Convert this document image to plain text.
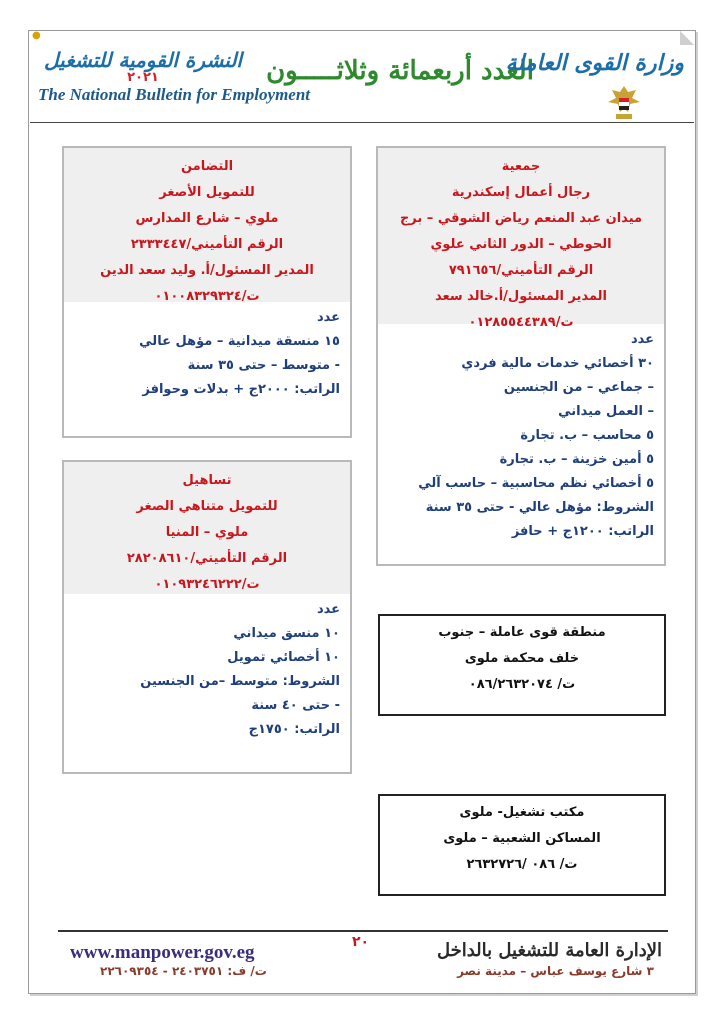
●
النشرة القومية للتشغيل
٢٠٢١
The National Bulletin for Employment
العدد أربعمائة وثلاثـــــون
وزارة القوى العاملة
جمعية
رجال أعمال إسكندرية
ميدان عبد المنعم رياض الشوقي – برج
الحوطي – الدور الثاني علوي
الرقم التأميني/٧٩١٦٥٦
المدير المسئول/أ.خالد سعد
ت/٠١٢٨٥٥٤٤٣٨٩
عدد
٣٠ أخصائي خدمات مالية فردي
– جماعي – من الجنسين
– العمل ميداني
٥ محاسب – ب. تجارة
٥ أمين خزينة – ب. تجارة
٥ أخصائي نظم محاسبية – حاسب آلي
الشروط: مؤهل عالي - حتى ٣٥ سنة
الراتب: ١٢٠٠ج + حافز
التضامن
للتمويل الأصغر
ملوي – شارع المدارس
الرقم التأميني/٢٣٣٣٤٤٧
المدير المسئول/أ. وليد سعد الدين
ت/٠١٠٠٨٣٢٩٣٢٤
عدد
١٥ منسقة ميدانية – مؤهل عالي
- متوسط – حتى ٣٥ سنة
الراتب: ٢٠٠٠ج + بدلات وحوافز
تساهيل
للتمويل متناهي الصغر
ملوي – المنيا
الرقم التأميني/٢٨٢٠٨٦١٠
ت/٠١٠٩٣٢٤٦٢٢٢
عدد
١٠ منسق ميداني
١٠ أخصائي تمويل
الشروط: متوسط –من الجنسين
- حتى ٤٠ سنة
الراتب: ١٧٥٠ج
منطقة قوى عاملة – جنوب
خلف محكمة ملوى
ت/ ٠٨٦/٢٦٣٢٠٧٤
مكتب تشغيل- ملوى
المساكن الشعبية – ملوى
ت/ ٠٨٦ /٢٦٣٢٧٢٦
٢٠
www.manpower.gov.eg
ت/ ف: ٢٤٠٣٧٥١ - ٢٢٦٠٩٣٥٤
الإدارة العامة للتشغيل بالداخل
٣ شارع يوسف عباس – مدينة نصر
